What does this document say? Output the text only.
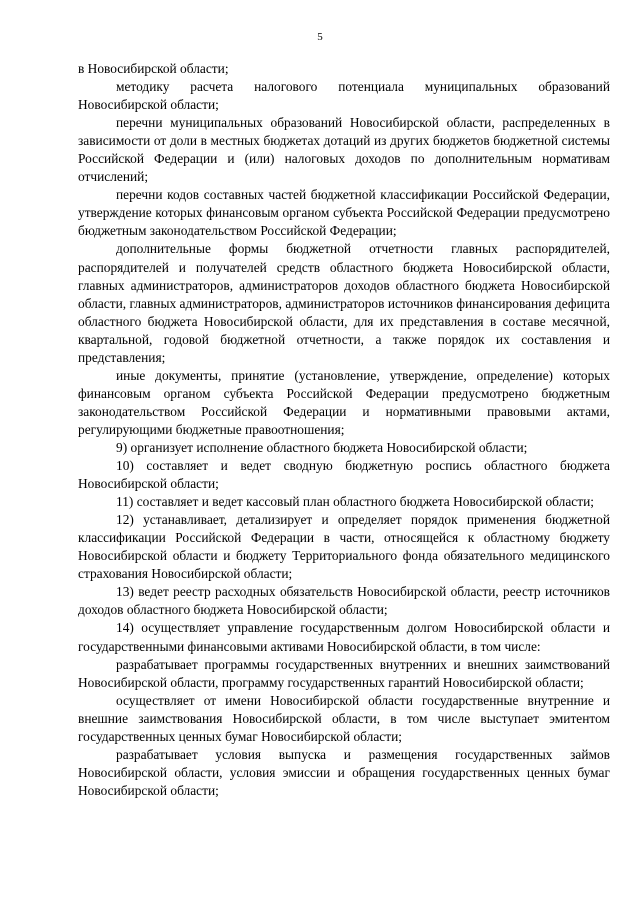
5

в Новосибирской области;

методику расчета налогового потенциала муниципальных образований Новосибирской области;

перечни муниципальных образований Новосибирской области, распределенных в зависимости от доли в местных бюджетах дотаций из других бюджетов бюджетной системы Российской Федерации и (или) налоговых доходов по дополнительным нормативам отчислений;

перечни кодов составных частей бюджетной классификации Российской Федерации, утверждение которых финансовым органом субъекта Российской Федерации предусмотрено бюджетным законодательством Российской Федерации;

дополнительные формы бюджетной отчетности главных распорядителей, распорядителей и получателей средств областного бюджета Новосибирской области, главных администраторов, администраторов доходов областного бюджета Новосибирской области, главных администраторов, администраторов источников финансирования дефицита областного бюджета Новосибирской области, для их представления в составе месячной, квартальной, годовой бюджетной отчетности, а также порядок их составления и представления;

иные документы, принятие (установление, утверждение, определение) которых финансовым органом субъекта Российской Федерации предусмотрено бюджетным законодательством Российской Федерации и нормативными правовыми актами, регулирующими бюджетные правоотношения;

9) организует исполнение областного бюджета Новосибирской области;

10) составляет и ведет сводную бюджетную роспись областного бюджета Новосибирской области;

11) составляет и ведет кассовый план областного бюджета Новосибирской области;

12) устанавливает, детализирует и определяет порядок применения бюджетной классификации Российской Федерации в части, относящейся к областному бюджету Новосибирской области и бюджету Территориального фонда обязательного медицинского страхования Новосибирской области;

13) ведет реестр расходных обязательств Новосибирской области, реестр источников доходов областного бюджета Новосибирской области;

14) осуществляет управление государственным долгом Новосибирской области и государственными финансовыми активами Новосибирской области, в том числе:

разрабатывает программы государственных внутренних и внешних заимствований Новосибирской области, программу государственных гарантий Новосибирской области;

осуществляет от имени Новосибирской области государственные внутренние и внешние заимствования Новосибирской области, в том числе выступает эмитентом государственных ценных бумаг Новосибирской области;

разрабатывает условия выпуска и размещения государственных займов Новосибирской области, условия эмиссии и обращения государственных ценных бумаг Новосибирской области;
